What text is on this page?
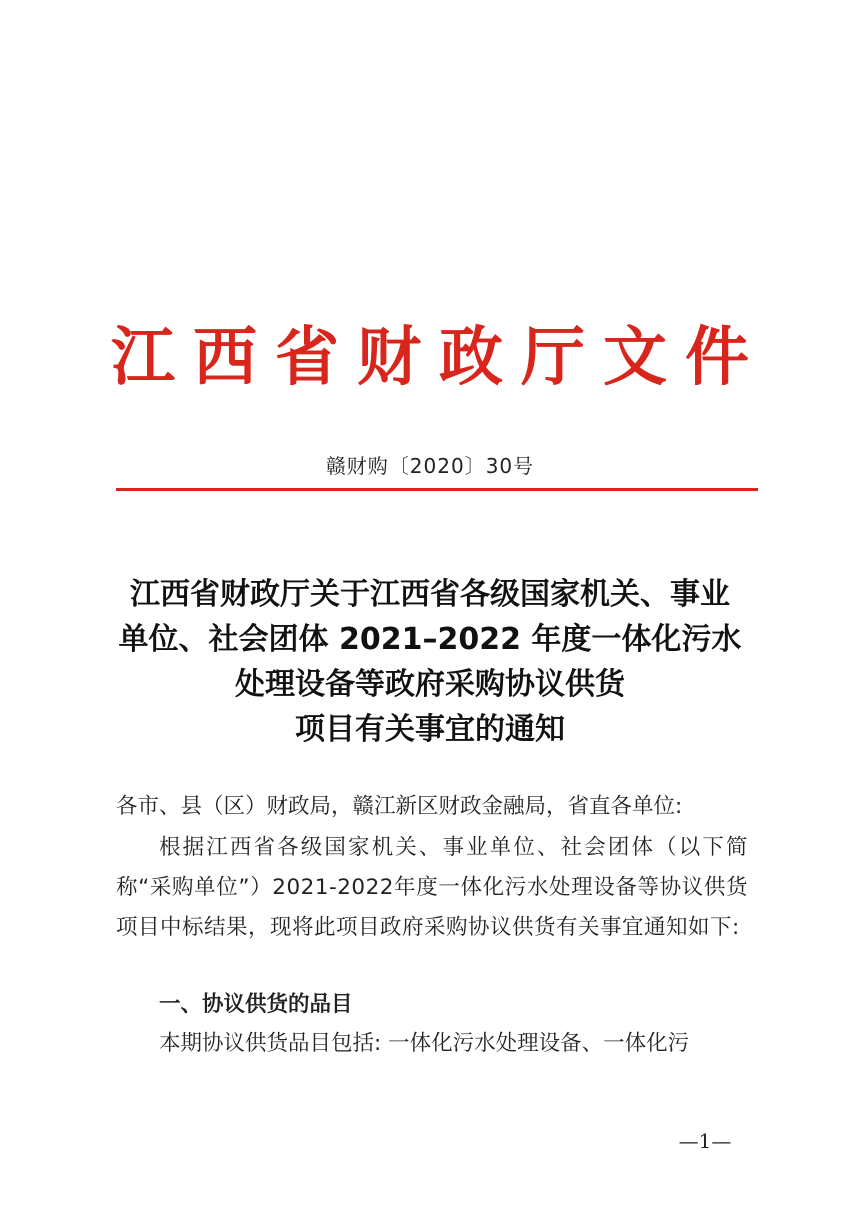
江西省财政厅文件
赣财购〔2020〕30号
江西省财政厅关于江西省各级国家机关、事业
单位、社会团体 2021–2022 年度一体化污水
处理设备等政府采购协议供货
项目有关事宜的通知
各市、县（区）财政局，赣江新区财政金融局，省直各单位:
根据江西省各级国家机关、事业单位、社会团体（以下简称“采购单位”）2021-2022年度一体化污水处理设备等协议供货项目中标结果，现将此项目政府采购协议供货有关事宜通知如下:
一、协议供货的品目
本期协议供货品目包括: 一体化污水处理设备、一体化污
—1—
